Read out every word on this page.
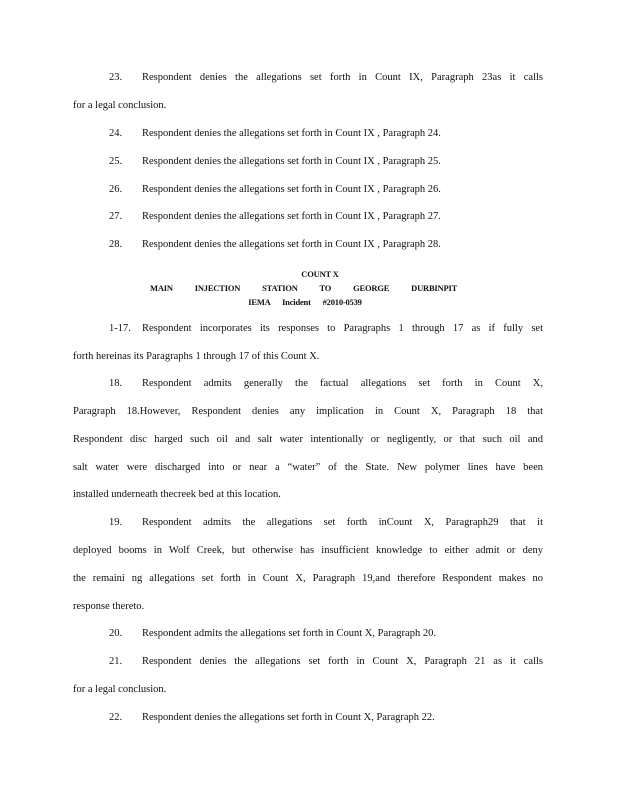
23. Respondent denies the allegations set forth in Count IX, Paragraph 23as it calls
for a legal conclusion.
24. Respondent denies the allegations set forth in Count IX , Paragraph 24.
25. Respondent denies the allegations set forth in Count IX , Paragraph 25.
26. Respondent denies the allegations set forth in Count IX , Paragraph 26.
27. Respondent denies the allegations set forth in Count IX , Paragraph 27.
28. Respondent denies the allegations set forth in Count IX , Paragraph 28.
COUNT X
MAIN INJECTION STATION TO GEORGE DURBINPIT
IEMA Incident #2010-0539
1-17. Respondent incorporates its responses to Paragraphs 1 through 17 as if fully set
forth hereinas its Paragraphs 1 through 17 of this Count X.
18. Respondent admits generally the factual allegations set forth in Count X,
Paragraph 18.However, Respondent denies any implication in Count X, Paragraph 18 that
Respondent disc harged such oil and salt water intentionally or negligently, or that such oil and
salt water were discharged into or near a “water” of the State. New polymer lines have been
installed underneath thecreek bed at this location.
19. Respondent admits the allegations set forth inCount X, Paragraph29 that it
deployed booms in Wolf Creek, but otherwise has insufficient knowledge to either admit or deny
the remaini ng allegations set forth in Count X, Paragraph 19,and therefore Respondent makes no
response thereto.
20. Respondent admits the allegations set forth in Count X, Paragraph 20.
21. Respondent denies the allegations set forth in Count X, Paragraph 21 as it calls
for a legal conclusion.
22. Respondent denies the allegations set forth in Count X, Paragraph 22.
